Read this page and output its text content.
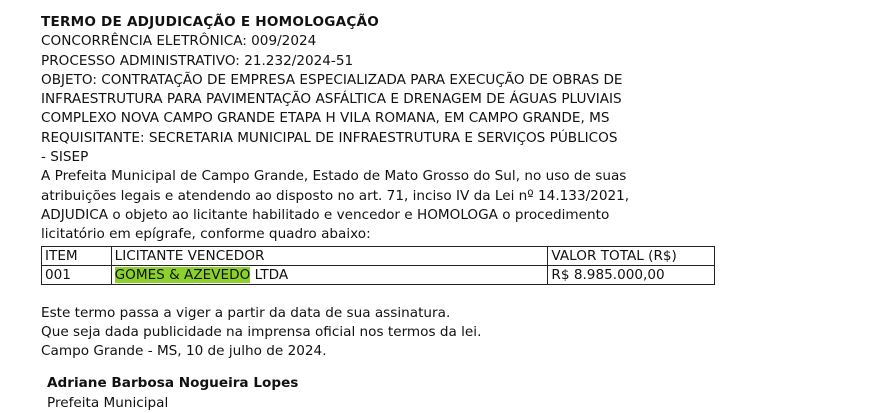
TERMO DE ADJUDICAÇÃO E HOMOLOGAÇÃO
CONCORRÊNCIA ELETRÔNICA: 009/2024
PROCESSO ADMINISTRATIVO: 21.232/2024-51
OBJETO: CONTRATAÇÃO DE EMPRESA ESPECIALIZADA PARA EXECUÇÃO DE OBRAS DE
INFRAESTRUTURA PARA PAVIMENTAÇÃO ASFÁLTICA E DRENAGEM DE ÁGUAS PLUVIAIS
COMPLEXO NOVA CAMPO GRANDE ETAPA H VILA ROMANA, EM CAMPO GRANDE, MS
REQUISITANTE: SECRETARIA MUNICIPAL DE INFRAESTRUTURA E SERVIÇOS PÚBLICOS
- SISEP
A Prefeita Municipal de Campo Grande, Estado de Mato Grosso do Sul, no uso de suas
atribuições legais e atendendo ao disposto no art. 71, inciso IV da Lei nº 14.133/2021,
ADJUDICA o objeto ao licitante habilitado e vencedor e HOMOLOGA o procedimento
licitatório em epígrafe, conforme quadro abaixo:
ITEM	LICITANTE VENCEDOR	VALOR TOTAL (R$)
001	GOMES & AZEVEDO LTDA	R$ 8.985.000,00
Este termo passa a viger a partir da data de sua assinatura.
Que seja dada publicidade na imprensa oficial nos termos da lei.
Campo Grande - MS, 10 de julho de 2024.
Adriane Barbosa Nogueira Lopes
Prefeita Municipal
